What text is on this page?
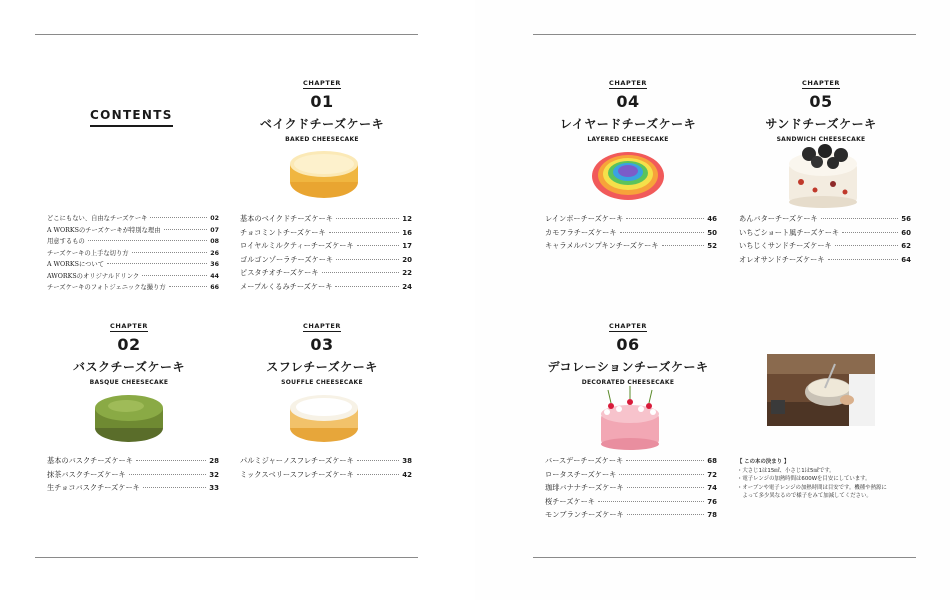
CONTENTS
どこにもない、自由なチーズケーキ	02
A WORKSのチーズケーキが特別な理由	07
用意するもの	08
チーズケーキの上手な切り方	26
A WORKSについて	36
AWORKSのオリジナルドリンク	44
チーズケーキのフォトジェニックな撮り方	66
CHAPTER
01
ベイクドチーズケーキ
BAKED CHEESECAKE
基本のベイクドチーズケーキ	12
チョコミントチーズケーキ	16
ロイヤルミルクティーチーズケーキ	17
ゴルゴンゾーラチーズケーキ	20
ピスタチオチーズケーキ	22
メープルくるみチーズケーキ	24
CHAPTER
02
バスクチーズケーキ
BASQUE CHEESECAKE
基本のバスクチーズケーキ	28
抹茶バスクチーズケーキ	32
生チョコバスクチーズケーキ	33
CHAPTER
03
スフレチーズケーキ
SOUFFLE CHEESECAKE
パルミジャーノスフレチーズケーキ	38
ミックスベリースフレチーズケーキ	42
CHAPTER
04
レイヤードチーズケーキ
LAYERED CHEESECAKE
レインボーチーズケーキ	46
カモフラチーズケーキ	50
キャラメルパンプキンチーズケーキ	52
CHAPTER
05
サンドチーズケーキ
SANDWICH CHEESECAKE
あんバターチーズケーキ	56
いちごショート風チーズケーキ	60
いちじくサンドチーズケーキ	62
オレオサンドチーズケーキ	64
CHAPTER
06
デコレーションチーズケーキ
DECORATED CHEESECAKE
バースデーチーズケーキ	68
ロータスチーズケーキ	72
珈琲バナナチーズケーキ	74
桜チーズケーキ	76
モンブランチーズケーキ	78
【 この本の決まり 】
・大さじ1は15㎖、小さじ1は5㎖です。
・電子レンジの加熱時間は600Wを目安にしています。
・オーブンや電子レンジの加熱時間は目安です。機種や熱源に
　よって多少異なるので様子をみて加減してください。
